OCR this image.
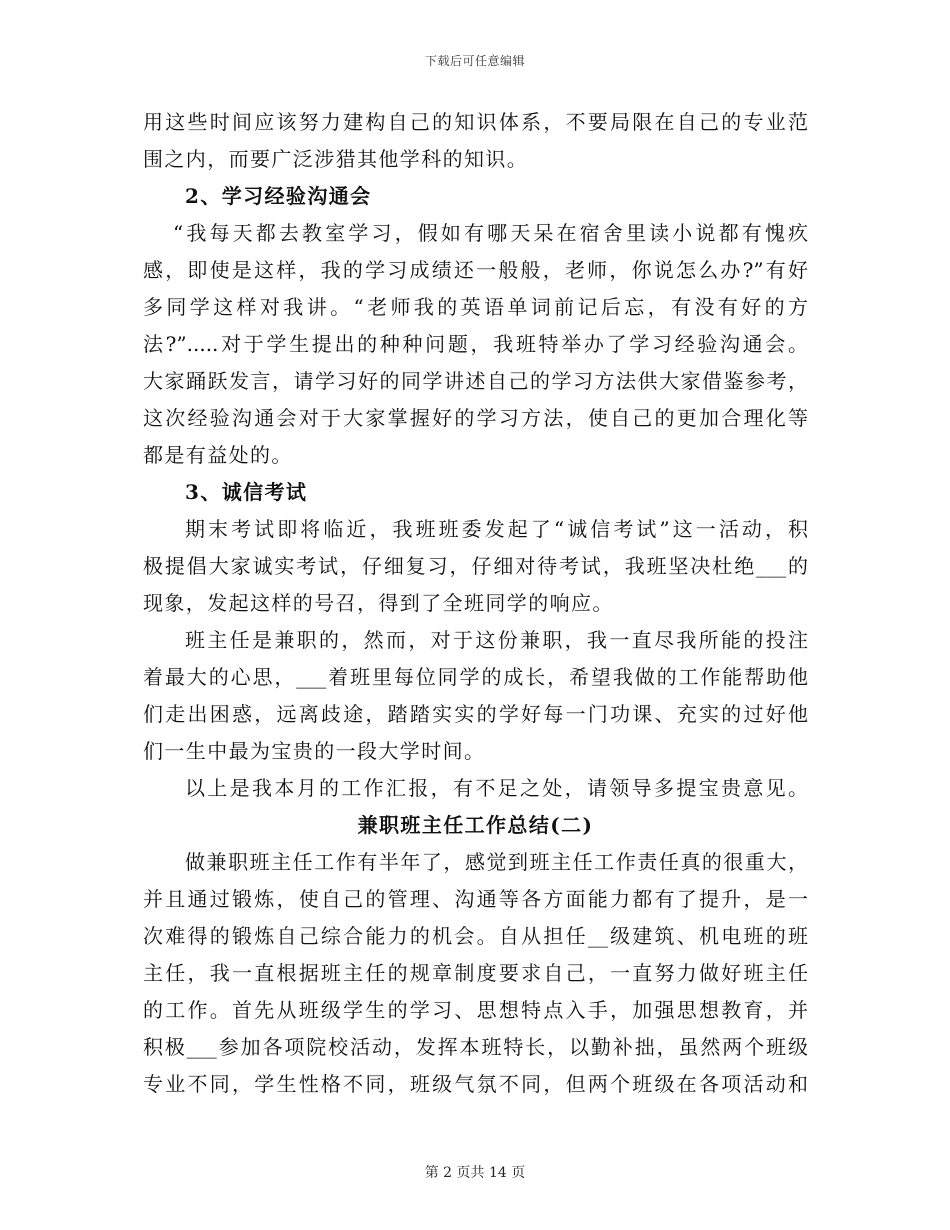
下载后可任意编辑
用这些时间应该努力建构自己的知识体系，不要局限在自己的专业范
围之内，而要广泛涉猎其他学科的知识。
2、学习经验沟通会
“我每天都去教室学习，假如有哪天呆在宿舍里读小说都有愧疚
感，即使是这样，我的学习成绩还一般般，老师，你说怎么办?”有好
多同学这样对我讲。“老师我的英语单词前记后忘，有没有好的方
法?”.....对于学生提出的种种问题，我班特举办了学习经验沟通会。
大家踊跃发言，请学习好的同学讲述自己的学习方法供大家借鉴参考，
这次经验沟通会对于大家掌握好的学习方法，使自己的更加合理化等
都是有益处的。
3、诚信考试
期末考试即将临近，我班班委发起了“诚信考试”这一活动，积
极提倡大家诚实考试，仔细复习，仔细对待考试，我班坚决杜绝___的
现象，发起这样的号召，得到了全班同学的响应。
班主任是兼职的，然而，对于这份兼职，我一直尽我所能的投注
着最大的心思，___着班里每位同学的成长，希望我做的工作能帮助他
们走出困惑，远离歧途，踏踏实实的学好每一门功课、充实的过好他
们一生中最为宝贵的一段大学时间。
以上是我本月的工作汇报，有不足之处，请领导多提宝贵意见。
兼职班主任工作总结(二)
做兼职班主任工作有半年了，感觉到班主任工作责任真的很重大，
并且通过锻炼，使自己的管理、沟通等各方面能力都有了提升，是一
次难得的锻炼自己综合能力的机会。自从担任__级建筑、机电班的班
主任，我一直根据班主任的规章制度要求自己，一直努力做好班主任
的工作。首先从班级学生的学习、思想特点入手，加强思想教育，并
积极___参加各项院校活动，发挥本班特长，以勤补拙，虽然两个班级
专业不同，学生性格不同，班级气氛不同，但两个班级在各项活动和
第 2 页共 14 页
